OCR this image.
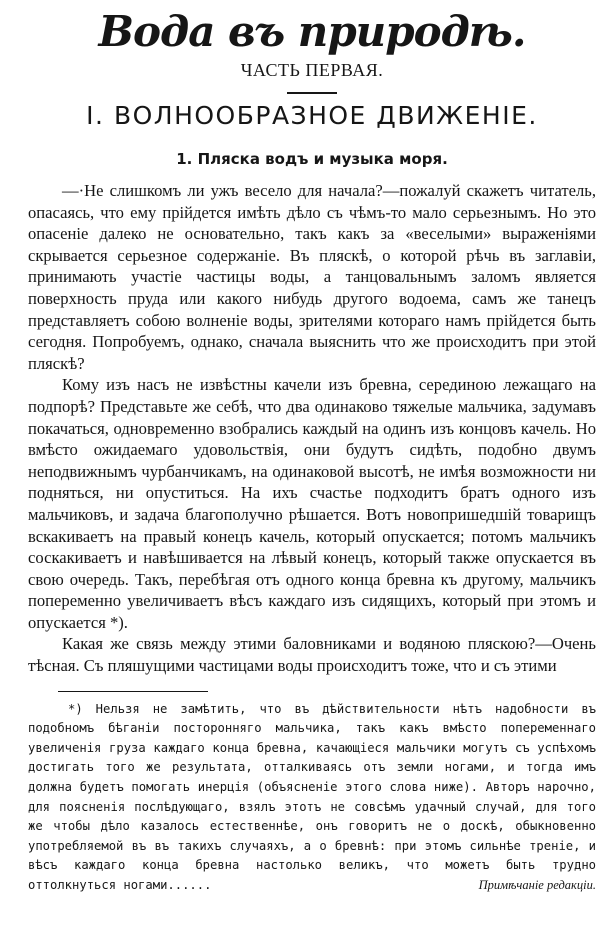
Вода въ природѣ.
ЧАСТЬ ПЕРВАЯ.
I. ВОЛНООБРАЗНОЕ ДВИЖЕНІЕ.
1. Пляска водъ и музыка моря.

—·Не слишкомъ ли ужъ весело для начала?—пожалуй скажетъ читатель, опасаясь, что ему прійдется имѣть дѣло съ чѣмъ-то мало серьезнымъ. Но это опасеніе далеко не основательно, такъ какъ за «веселыми» выраженіями скрывается серьезное содержаніе. Въ пляскѣ, о которой рѣчь въ заглавіи, принимають участіе частицы воды, а танцовальнымъ заломъ является поверхность пруда или какого нибудь другого водоема, самъ же танецъ представляетъ собою волненіе воды, зрителями котораго намъ прійдется быть сегодня. Попробуемъ, однако, сначала выяснить что же происходитъ при этой пляскѣ?

Кому изъ насъ не извѣстны качели изъ бревна, серединою лежащаго на подпорѣ? Представьте же себѣ, что два одинаково тяжелые мальчика, задумавъ покачаться, одновременно взобрались каждый на одинъ изъ концовъ качель. Но вмѣсто ожидаемаго удовольствія, они будутъ сидѣть, подобно двумъ неподвижнымъ чурбанчикамъ, на одинаковой высотѣ, не имѣя возможности ни подняться, ни опуститься. На ихъ счастье подходитъ братъ одного изъ мальчиковъ, и задача благополучно рѣшается. Вотъ новопришедшій товарищъ вскакиваетъ на правый конецъ качель, который опускается; потомъ мальчикъ соскакиваетъ и навѣшивается на лѣвый конецъ, который также опускается въ свою очередь. Такъ, перебѣгая отъ одного конца бревна къ другому, мальчикъ попеременно увеличиваетъ вѣсъ каждаго изъ сидящихъ, который при этомъ и опускается *).

Какая же связь между этими баловниками и водяною пляскою?—Очень тѣсная. Съ пляшущими частицами воды происходитъ тоже, что и съ этими

*) Нельзя не замѣтить, что въ дѣйствительности нѣтъ надобности въ подобномъ бѣганіи посторонняго мальчика, такъ какъ вмѣсто попеременнаго увеличенія груза каждаго конца бревна, качающіеся мальчики могутъ съ успѣхомъ достигать того же результата, отталкиваясь отъ земли ногами, и тогда имъ должна будетъ помогать инерція (объясненіе этого слова ниже). Авторъ нарочно, для поясненія послѣдующаго, взялъ этотъ не совсѣмъ удачный случай, для того же чтобы дѣло казалось естественнѣе, онъ говоритъ не о доскѣ, обыкновенно употребляемой въ въ такихъ случаяхъ, а о бревнѣ: при этомъ сильнѣе треніе, и вѣсъ каждаго конца бревна настолько великъ, что можетъ быть трудно оттолкнуться ногами......	Примѣчаніе редакціи.
